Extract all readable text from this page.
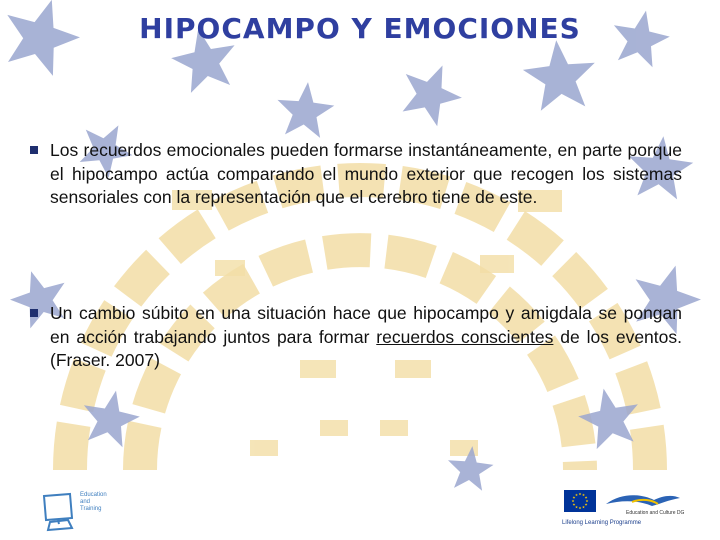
HIPOCAMPO Y EMOCIONES
Los recuerdos emocionales pueden formarse instantáneamente, en parte porque el hipocampo actúa comparando el mundo exterior que recogen los sistemas sensoriales con la representación que el cerebro tiene de este.
Un cambio súbito en una situación hace que hipocampo y amigdala se pongan en acción trabajando juntos para formar recuerdos conscientes de los eventos. (Fraser. 2007)
Education
and
Training
Education and Culture DG
Lifelong Learning Programme
